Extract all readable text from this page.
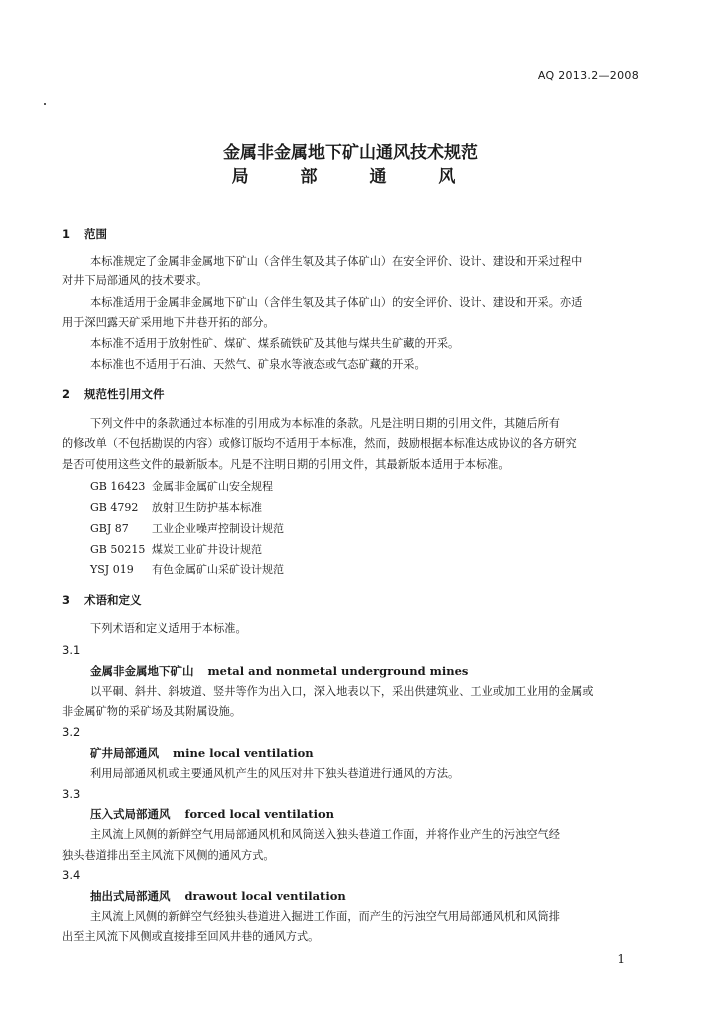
AQ 2013.2—2008
金属非金属地下矿山通风技术规范
局 部 通 风
1 范围
本标准规定了金属非金属地下矿山（含伴生氡及其子体矿山）在安全评价、设计、建设和开采过程中
对井下局部通风的技术要求。
本标准适用于金属非金属地下矿山（含伴生氡及其子体矿山）的安全评价、设计、建设和开采。亦适
用于深凹露天矿采用地下井巷开拓的部分。
本标准不适用于放射性矿、煤矿、煤系硫铁矿及其他与煤共生矿藏的开采。
本标准也不适用于石油、天然气、矿泉水等液态或气态矿藏的开采。
2 规范性引用文件
下列文件中的条款通过本标准的引用成为本标准的条款。凡是注明日期的引用文件，其随后所有
的修改单（不包括勘误的内容）或修订版均不适用于本标准，然而，鼓励根据本标准达成协议的各方研究
是否可使用这些文件的最新版本。凡是不注明日期的引用文件，其最新版本适用于本标准。
GB 16423 金属非金属矿山安全规程
GB 4792 放射卫生防护基本标准
GBJ 87 工业企业噪声控制设计规范
GB 50215 煤炭工业矿井设计规范
YSJ 019 有色金属矿山采矿设计规范
3 术语和定义
下列术语和定义适用于本标准。
3.1
金属非金属地下矿山 metal and nonmetal underground mines
以平硐、斜井、斜坡道、竖井等作为出入口，深入地表以下，采出供建筑业、工业或加工业用的金属或
非金属矿物的采矿场及其附属设施。
3.2
矿井局部通风 mine local ventilation
利用局部通风机或主要通风机产生的风压对井下独头巷道进行通风的方法。
3.3
压入式局部通风 forced local ventilation
主风流上风侧的新鲜空气用局部通风机和风筒送入独头巷道工作面，并将作业产生的污浊空气经
独头巷道排出至主风流下风侧的通风方式。
3.4
抽出式局部通风 drawout local ventilation
主风流上风侧的新鲜空气经独头巷道进入掘进工作面，而产生的污浊空气用局部通风机和风筒排
出至主风流下风侧或直接排至回风井巷的通风方式。
1
